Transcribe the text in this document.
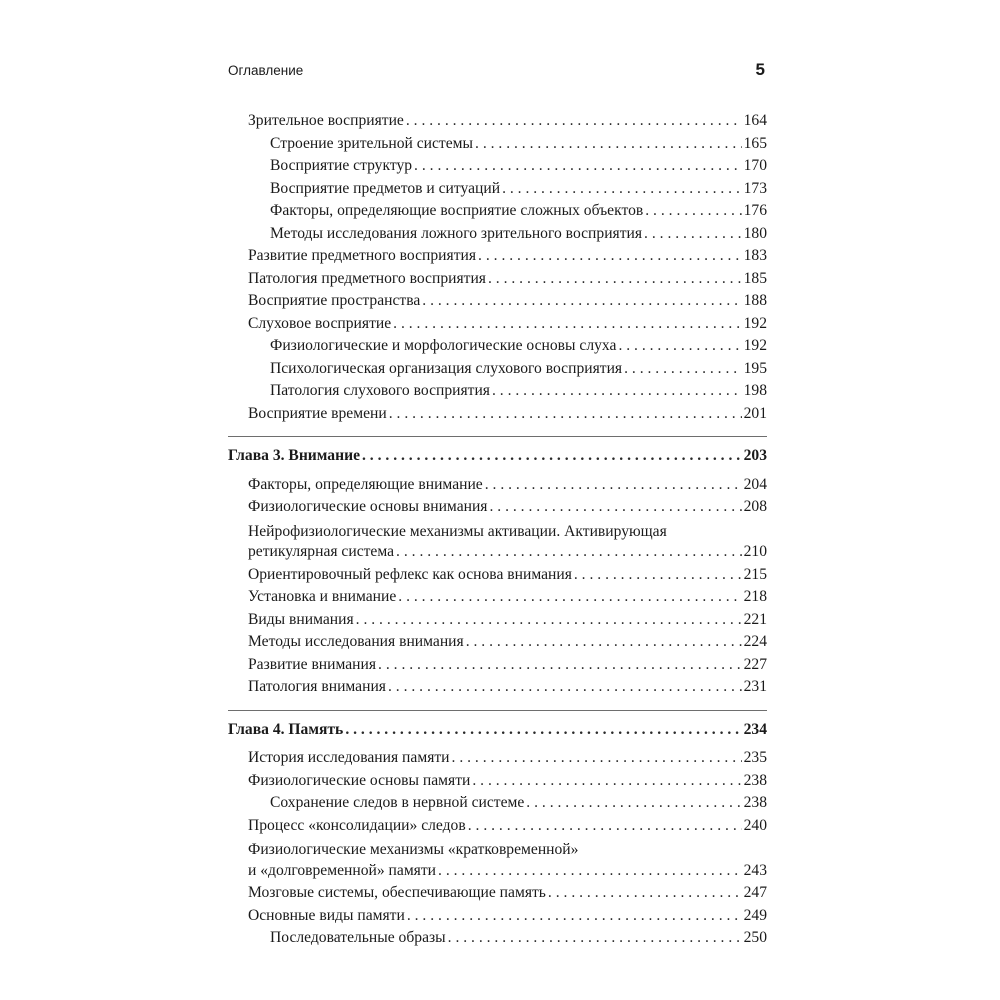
Оглавление	5
Зрительное восприятие . . .	164
Строение зрительной системы . . .	165
Восприятие структур . . .	170
Восприятие предметов и ситуаций . . .	173
Факторы, определяющие восприятие сложных объектов . . .	176
Методы исследования ложного зрительного восприятия . . .	180
Развитие предметного восприятия . . .	183
Патология предметного восприятия . . .	185
Восприятие пространства . . .	188
Слуховое восприятие . . .	192
Физиологические и морфологические основы слуха . . .	192
Психологическая организация слухового восприятия . . .	195
Патология слухового восприятия . . .	198
Восприятие времени . . .	201
Глава 3. Внимание . . .	203
Факторы, определяющие внимание . . .	204
Физиологические основы внимания . . .	208
Нейрофизиологические механизмы активации. Активирующая
ретикулярная система . . .	210
Ориентировочный рефлекс как основа внимания . . .	215
Установка и внимание . . .	218
Виды внимания . . .	221
Методы исследования внимания . . .	224
Развитие внимания . . .	227
Патология внимания . . .	231
Глава 4. Память . . .	234
История исследования памяти . . .	235
Физиологические основы памяти . . .	238
Сохранение следов в нервной системе . . .	238
Процесс «консолидации» следов . . .	240
Физиологические механизмы «кратковременной»
и «долговременной» памяти . . .	243
Мозговые системы, обеспечивающие память . . .	247
Основные виды памяти . . .	249
Последовательные образы . . .	250
